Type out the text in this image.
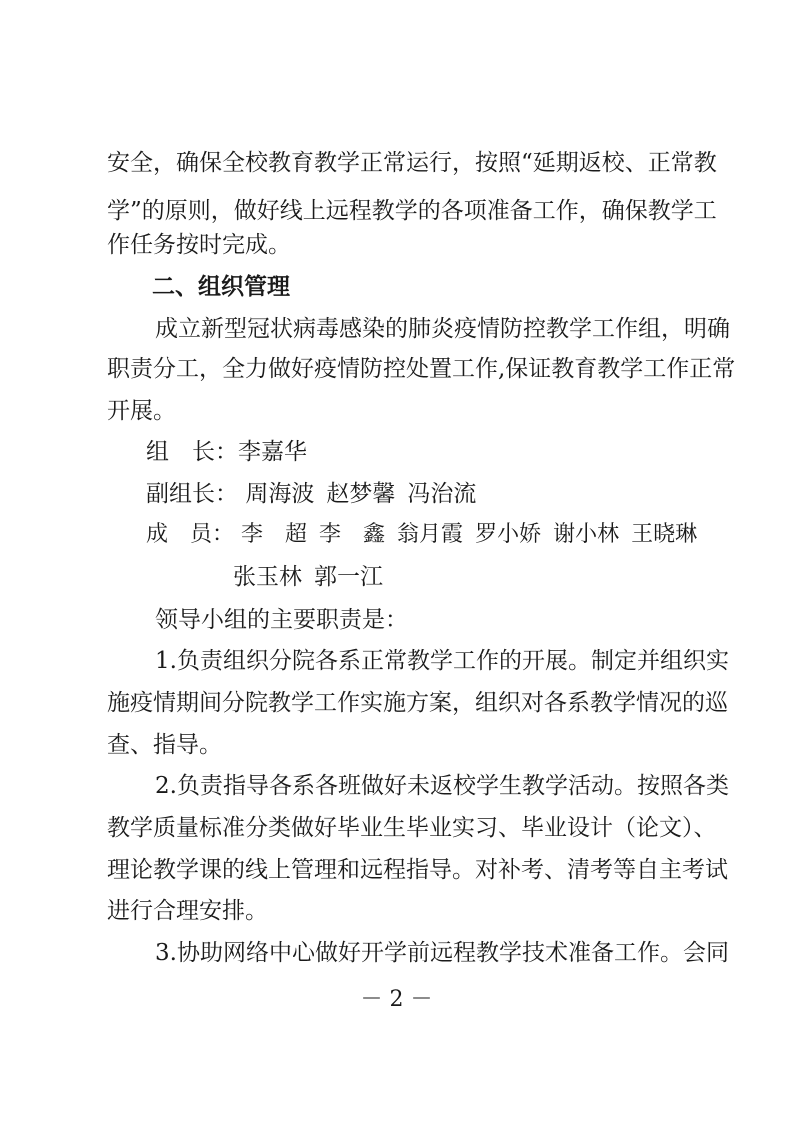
安全，确保全校教育教学正常运行，按照“延期返校、正常教
学”的原则，做好线上远程教学的各项准备工作，确保教学工
作任务按时完成。
二、组织管理
成立新型冠状病毒感染的肺炎疫情防控教学工作组，明确
职责分工，全力做好疫情防控处置工作,保证教育教学工作正常
开展。
组　长：李嘉华
副组长： 周海波 赵梦馨 冯治流
成　员： 李　超 李　鑫 翁月霞 罗小娇 谢小林 王晓琳
张玉林 郭一江
领导小组的主要职责是：
1.负责组织分院各系正常教学工作的开展。制定并组织实
施疫情期间分院教学工作实施方案，组织对各系教学情况的巡
查、指导。
2.负责指导各系各班做好未返校学生教学活动。按照各类
教学质量标准分类做好毕业生毕业实习、毕业设计（论文）、
理论教学课的线上管理和远程指导。对补考、清考等自主考试
进行合理安排。
3.协助网络中心做好开学前远程教学技术准备工作。会同
－ 2 －
